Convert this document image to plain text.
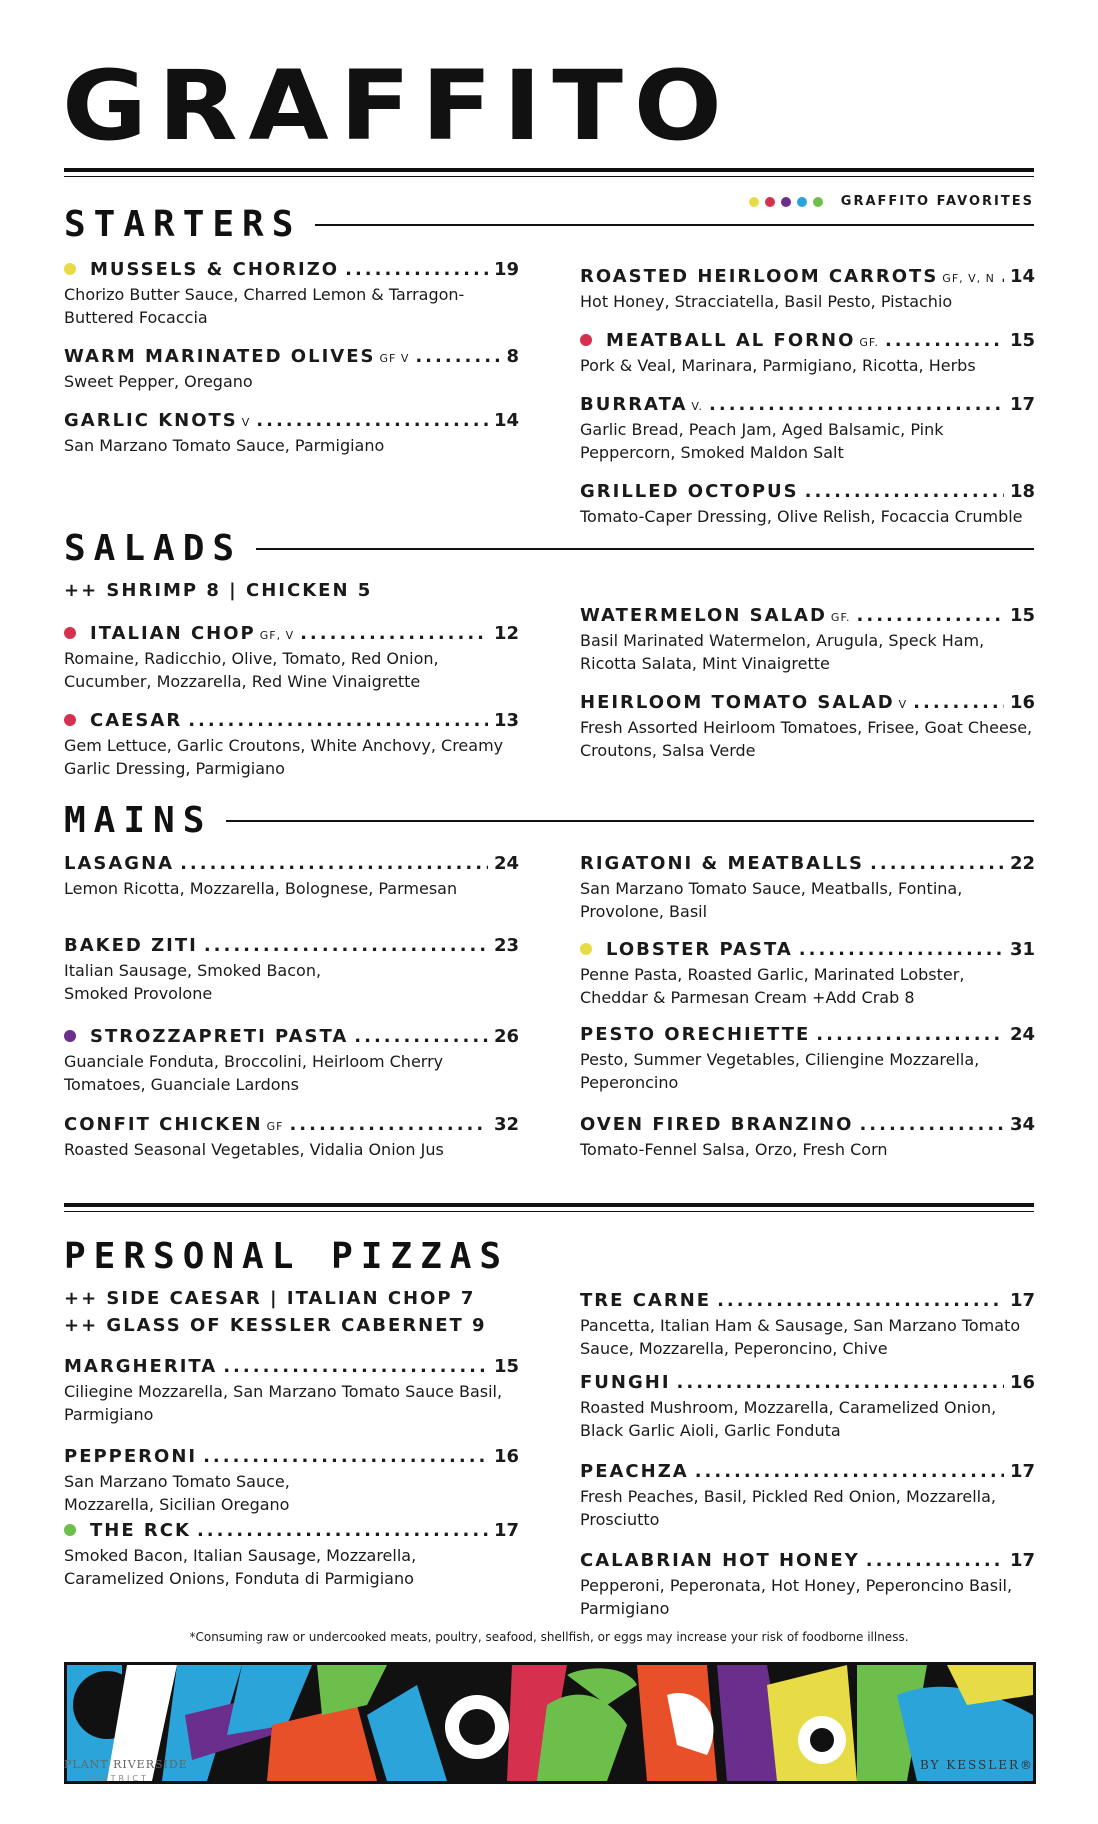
GRAFFITO
GRAFFITO FAVORITES
STARTERS
MUSSELS & CHORIZO .....	19
Chorizo Butter Sauce, Charred Lemon & Tarragon-Buttered Focaccia
WARM MARINATED OLIVES GF V .....	8
Sweet Pepper, Oregano
GARLIC KNOTS V .....	14
San Marzano Tomato Sauce, Parmigiano
ROASTED HEIRLOOM CARROTS GF, V, N ..... 14
Hot Honey, Stracciatella, Basil Pesto, Pistachio
MEATBALL AL FORNO GF. .....	15
Pork & Veal, Marinara, Parmigiano, Ricotta, Herbs
BURRATA V. .....	17
Garlic Bread, Peach Jam, Aged Balsamic, Pink Peppercorn, Smoked Maldon Salt
GRILLED OCTOPUS .....	18
Tomato-Caper Dressing, Olive Relish, Focaccia Crumble
SALADS
++ SHRIMP 8 | CHICKEN 5
ITALIAN CHOP GF, V .....	12
Romaine, Radicchio, Olive, Tomato, Red Onion, Cucumber, Mozzarella, Red Wine Vinaigrette
CAESAR .....	13
Gem Lettuce, Garlic Croutons, White Anchovy, Creamy Garlic Dressing, Parmigiano
WATERMELON SALAD GF. .....	15
Basil Marinated Watermelon, Arugula, Speck Ham, Ricotta Salata, Mint Vinaigrette
HEIRLOOM TOMATO SALAD V .....	16
Fresh Assorted Heirloom Tomatoes, Frisee, Goat Cheese, Croutons, Salsa Verde
MAINS
LASAGNA .....	24
Lemon Ricotta, Mozzarella, Bolognese, Parmesan
BAKED ZITI .....	23
Italian Sausage, Smoked Bacon, Smoked Provolone
STROZZAPRETI PASTA .....	26
Guanciale Fonduta, Broccolini, Heirloom Cherry Tomatoes, Guanciale Lardons
CONFIT CHICKEN GF .....	32
Roasted Seasonal Vegetables, Vidalia Onion Jus
RIGATONI & MEATBALLS .....	22
San Marzano Tomato Sauce, Meatballs, Fontina, Provolone, Basil
LOBSTER PASTA .....	31
Penne Pasta, Roasted Garlic, Marinated Lobster, Cheddar & Parmesan Cream +Add Crab 8
PESTO ORECHIETTE .....	24
Pesto, Summer Vegetables, Ciliengine Mozzarella, Peperoncino
OVEN FIRED BRANZINO .....	34
Tomato-Fennel Salsa, Orzo, Fresh Corn
PERSONAL PIZZAS
++ SIDE CAESAR | ITALIAN CHOP 7
++ GLASS OF KESSLER CABERNET 9
MARGHERITA .....	15
Ciliegine Mozzarella, San Marzano Tomato Sauce Basil, Parmigiano
PEPPERONI .....	16
San Marzano Tomato Sauce, Mozzarella, Sicilian Oregano
THE RCK .....	17
Smoked Bacon, Italian Sausage, Mozzarella, Caramelized Onions, Fonduta di Parmigiano
TRE CARNE .....	17
Pancetta, Italian Ham & Sausage, San Marzano Tomato Sauce, Mozzarella, Peperoncino, Chive
FUNGHI .....	16
Roasted Mushroom, Mozzarella, Caramelized Onion, Black Garlic Aioli, Garlic Fonduta
PEACHZA .....	17
Fresh Peaches, Basil, Pickled Red Onion, Mozzarella, Prosciutto
CALABRIAN HOT HONEY .....	17
Pepperoni, Peperonata, Hot Honey, Peperoncino Basil, Parmigiano
*Consuming raw or undercooked meats, poultry, seafood, shellfish, or eggs may increase your risk of foodborne illness.
PLANT RIVERSIDE
DISTRICT
BY KESSLER®
